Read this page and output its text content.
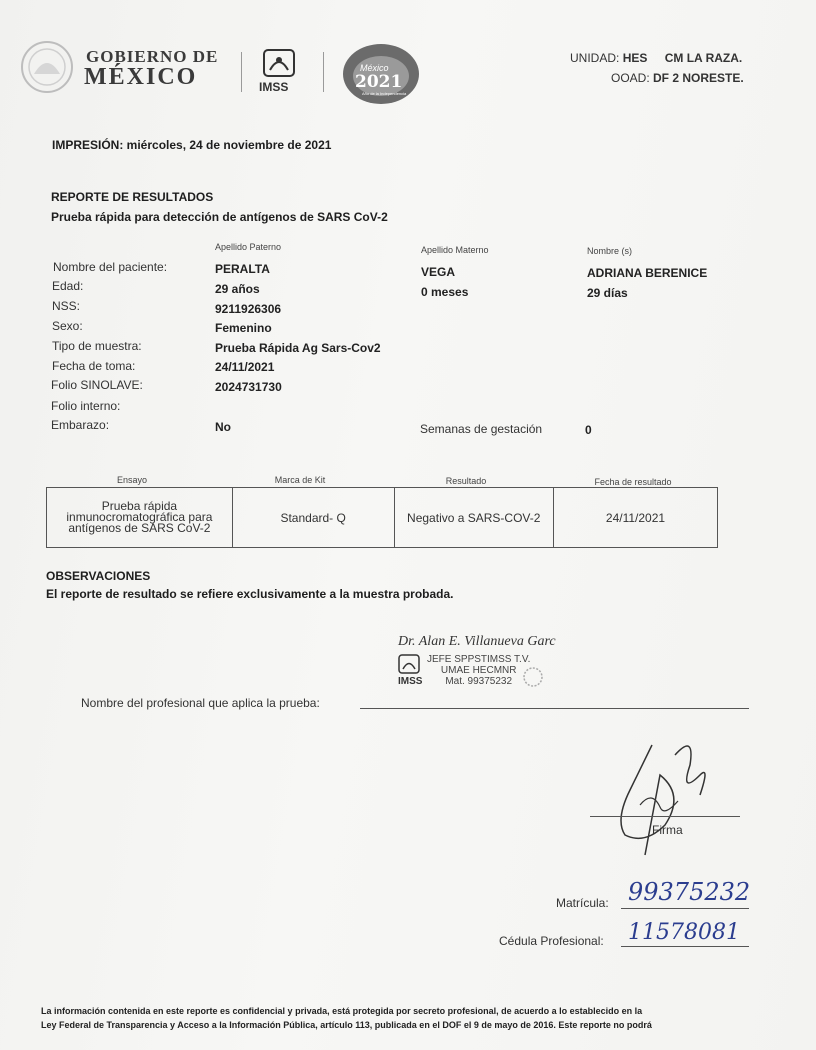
GOBIERNO DE
MÉXICO	IMSS
México
2021
Año de la Independencia
UNIDAD: HES CM LA RAZA.
OOAD: DF 2 NORESTE.
IMPRESIÓN: miércoles, 24 de noviembre de 2021
REPORTE DE RESULTADOS
Prueba rápida para detección de antígenos de SARS CoV-2
Apellido Paterno	Apellido Materno	Nombre (s)
Nombre del paciente:	PERALTA	VEGA	ADRIANA BERENICE
Edad:	29 años	0 meses	29 días
NSS:	9211926306
Sexo:	Femenino
Tipo de muestra:	Prueba Rápida Ag Sars-Cov2
Fecha de toma:	24/11/2021
Folio SINOLAVE:	2024731730
Folio interno:
Embarazo:	No	Semanas de gestación	0
Ensayo	Marca de Kit	Resultado	Fecha de resultado
Prueba rápida inmunocromatográfica para antígenos de SARS CoV-2	Standard- Q	Negativo a SARS-COV-2	24/11/2021
OBSERVACIONES
El reporte de resultado se refiere exclusivamente a la muestra probada.
Dr. Alan E. Villanueva Garc
IMSS
JEFE SPPSTIMSS T.V.
UMAE HECMNR
Mat. 99375232
Nombre del profesional que aplica la prueba:
Firma
Matrícula: 99375232
Cédula Profesional: 11578081
La información contenida en este reporte es confidencial y privada, está protegida por secreto profesional, de acuerdo a lo establecido en la
Ley Federal de Transparencia y Acceso a la Información Pública, artículo 113, publicada en el DOF el 9 de mayo de 2016. Este reporte no podrá
